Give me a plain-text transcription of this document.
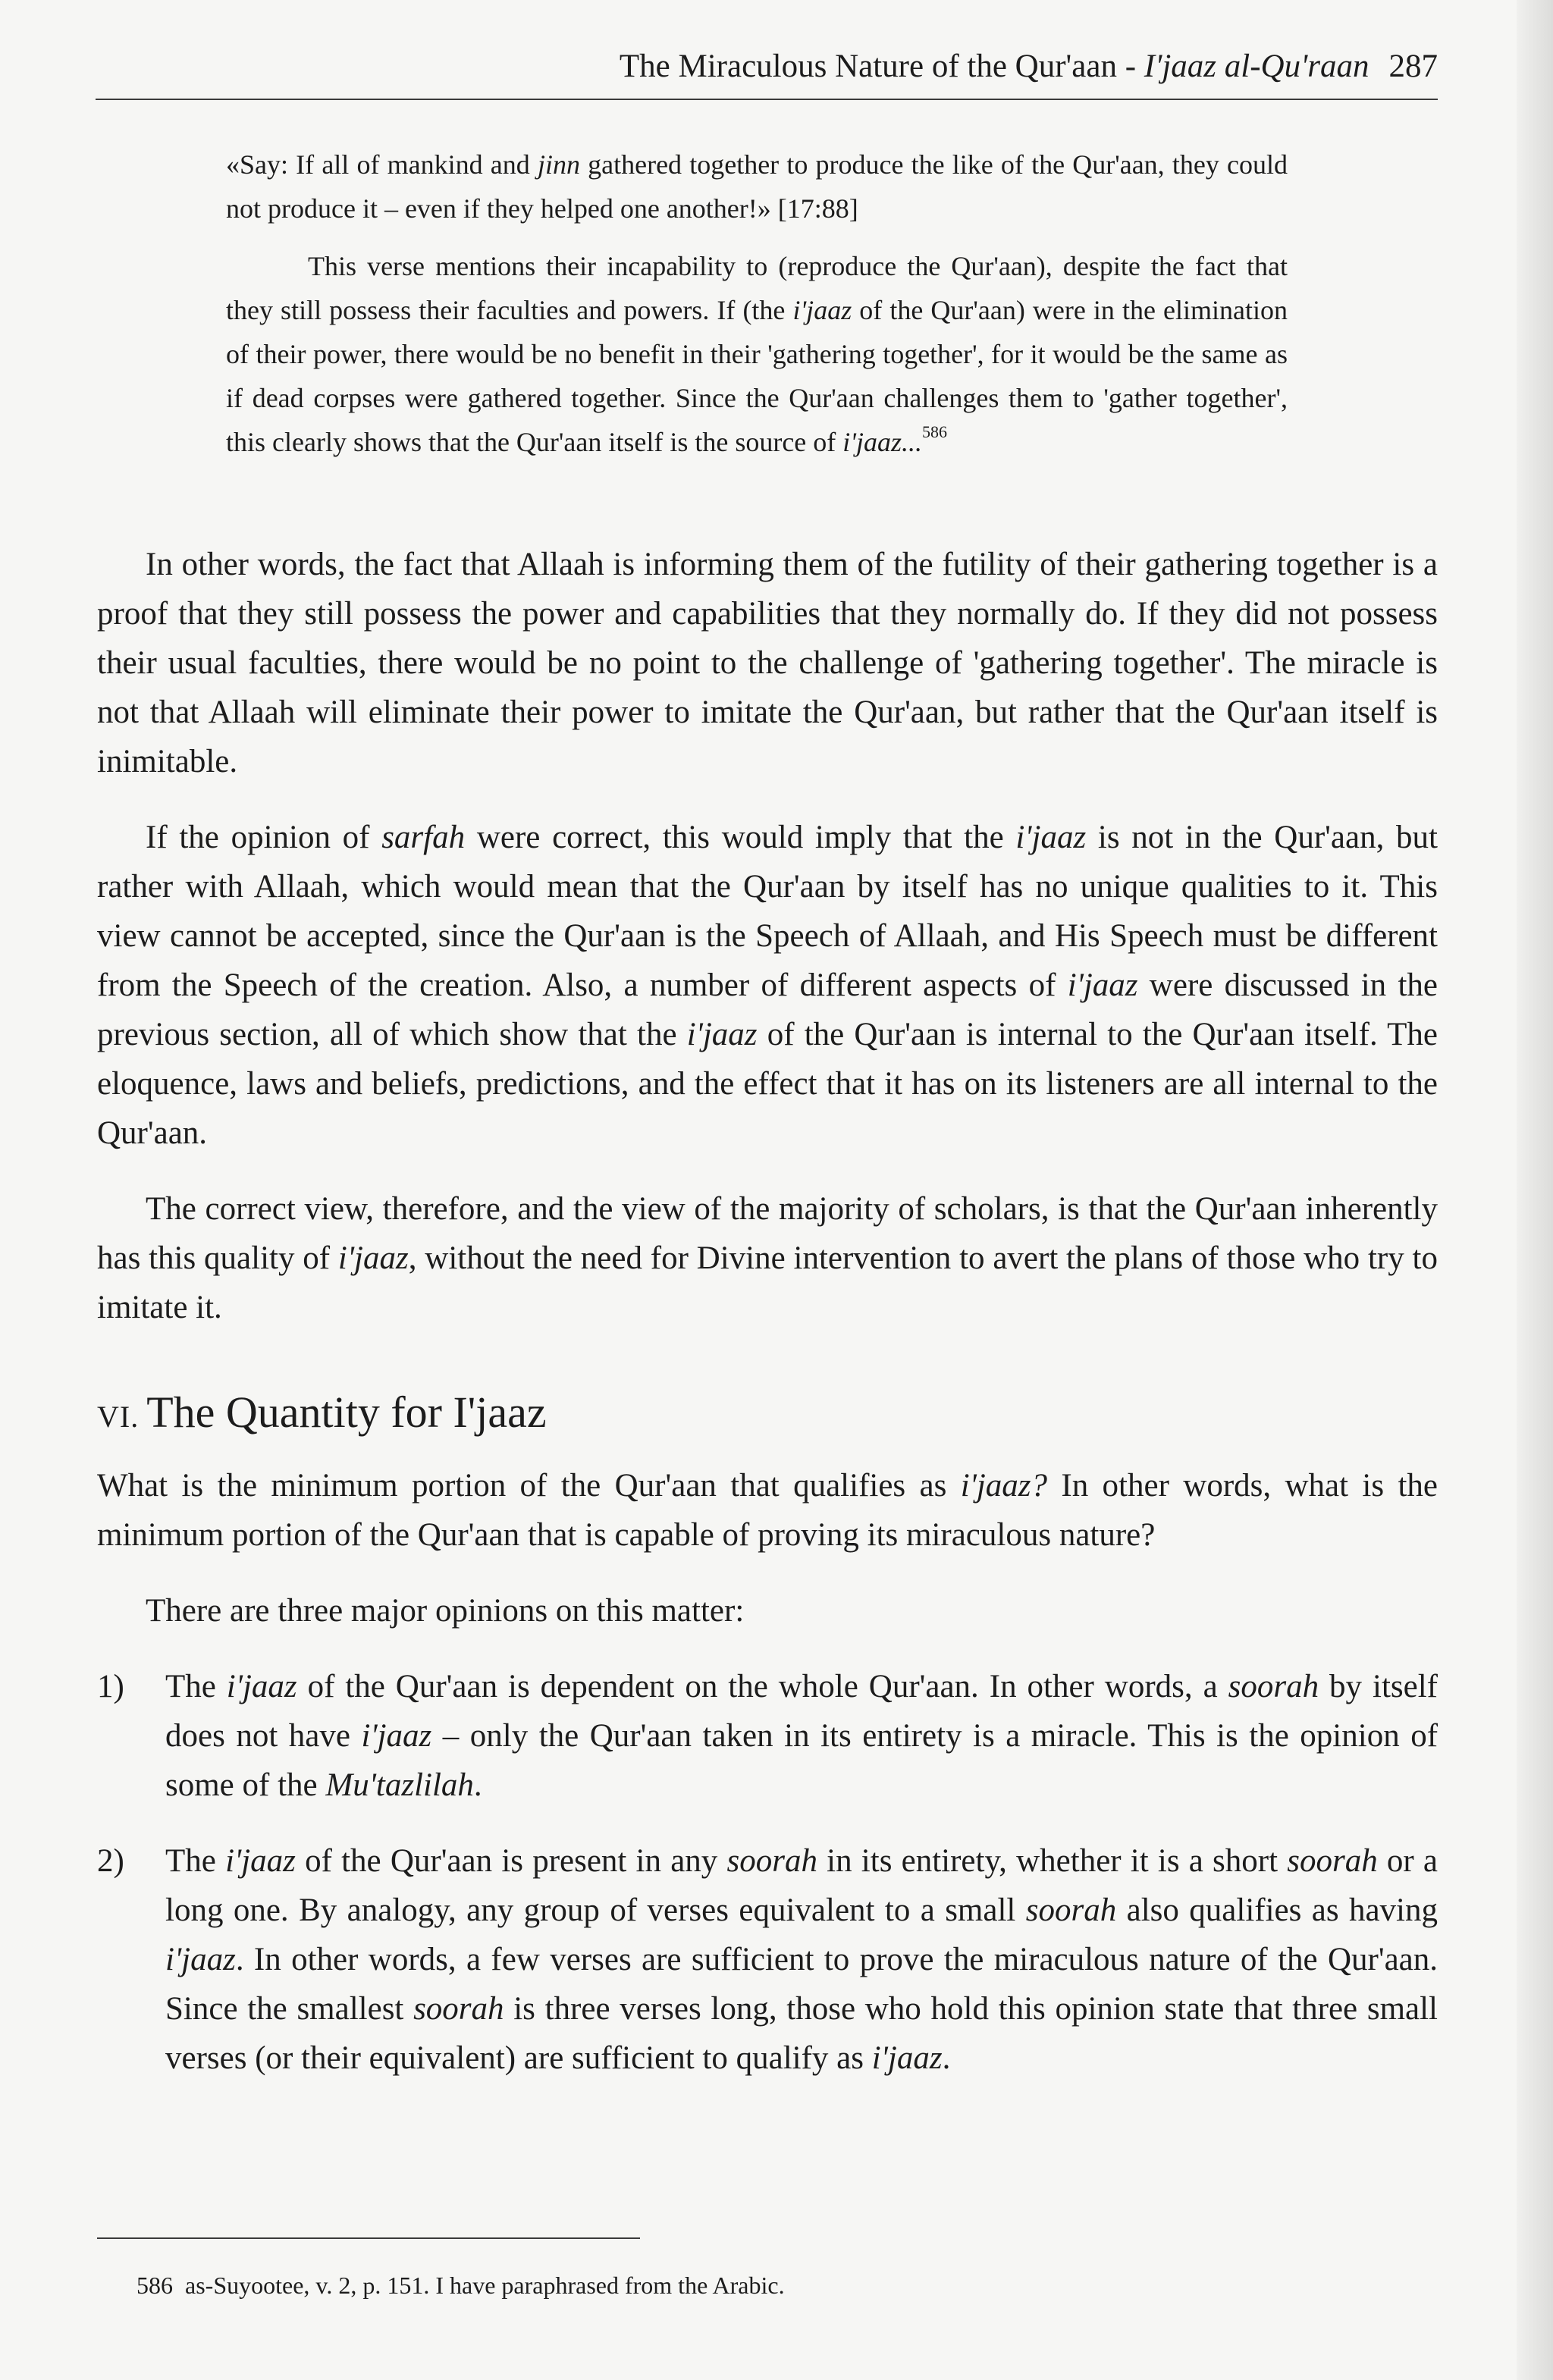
The Miraculous Nature of the Qur'aan - I'jaaz al-Qu'raan 287

«Say: If all of mankind and jinn gathered together to produce the like of the Qur'aan, they could not produce it – even if they helped one another!» [17:88]

This verse mentions their incapability to (reproduce the Qur'aan), despite the fact that they still possess their faculties and powers. If (the i'jaaz of the Qur'aan) were in the elimination of their power, there would be no benefit in their 'gathering together', for it would be the same as if dead corpses were gathered together. Since the Qur'aan challenges them to 'gather together', this clearly shows that the Qur'aan itself is the source of i'jaaz...$^{586}$

In other words, the fact that Allaah is informing them of the futility of their gathering together is a proof that they still possess the power and capabilities that they normally do. If they did not possess their usual faculties, there would be no point to the challenge of 'gathering together'. The miracle is not that Allaah will eliminate their power to imitate the Qur'aan, but rather that the Qur'aan itself is inimitable.

If the opinion of sarfah were correct, this would imply that the i'jaaz is not in the Qur'aan, but rather with Allaah, which would mean that the Qur'aan by itself has no unique qualities to it. This view cannot be accepted, since the Qur'aan is the Speech of Allaah, and His Speech must be different from the Speech of the creation. Also, a number of different aspects of i'jaaz were discussed in the previous section, all of which show that the i'jaaz of the Qur'aan is internal to the Qur'aan itself. The eloquence, laws and beliefs, predictions, and the effect that it has on its listeners are all internal to the Qur'aan.

The correct view, therefore, and the view of the majority of scholars, is that the Qur'aan inherently has this quality of i'jaaz, without the need for Divine intervention to avert the plans of those who try to imitate it.

VI. The Quantity for I'jaaz

What is the minimum portion of the Qur'aan that qualifies as i'jaaz? In other words, what is the minimum portion of the Qur'aan that is capable of proving its miraculous nature?

There are three major opinions on this matter:

1) The i'jaaz of the Qur'aan is dependent on the whole Qur'aan. In other words, a soorah by itself does not have i'jaaz – only the Qur'aan taken in its entirety is a miracle. This is the opinion of some of the Mu'tazlilah.
2) The i'jaaz of the Qur'aan is present in any soorah in its entirety, whether it is a short soorah or a long one. By analogy, any group of verses equivalent to a small soorah also qualifies as having i'jaaz. In other words, a few verses are sufficient to prove the miraculous nature of the Qur'aan. Since the smallest soorah is three verses long, those who hold this opinion state that three small verses (or their equivalent) are sufficient to qualify as i'jaaz.
586 as-Suyootee, v. 2, p. 151. I have paraphrased from the Arabic.
